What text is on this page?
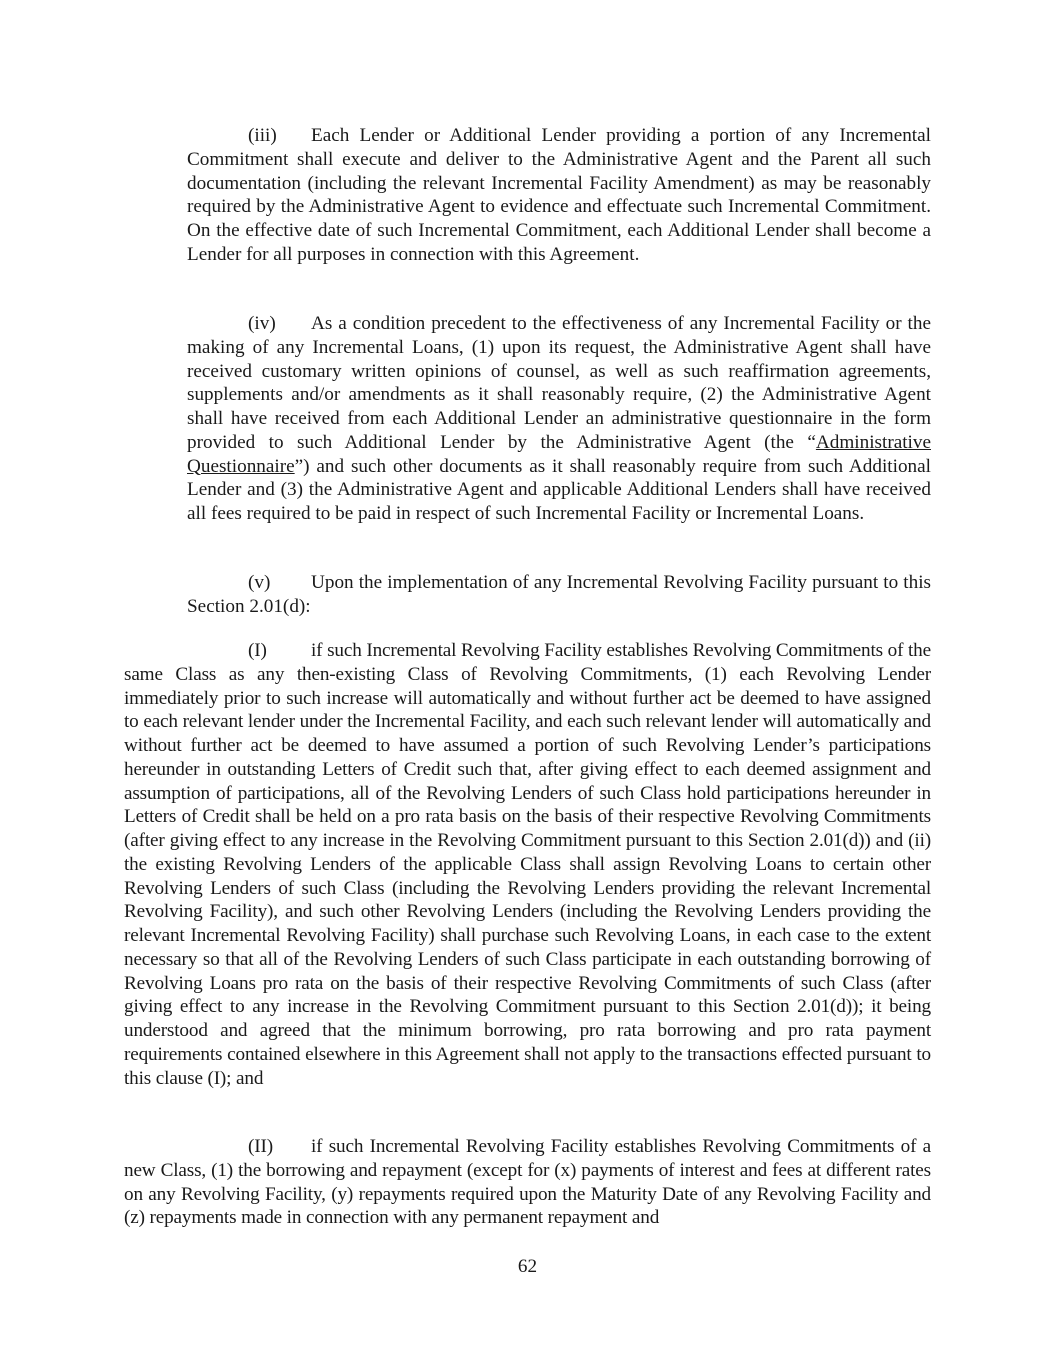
(iii) Each Lender or Additional Lender providing a portion of any Incremental Commitment shall execute and deliver to the Administrative Agent and the Parent all such documentation (including the relevant Incremental Facility Amendment) as may be reasonably required by the Administrative Agent to evidence and effectuate such Incremental Commitment. On the effective date of such Incremental Commitment, each Additional Lender shall become a Lender for all purposes in connection with this Agreement.

(iv) As a condition precedent to the effectiveness of any Incremental Facility or the making of any Incremental Loans, (1) upon its request, the Administrative Agent shall have received customary written opinions of counsel, as well as such reaffirmation agreements, supplements and/or amendments as it shall reasonably require, (2) the Administrative Agent shall have received from each Additional Lender an administrative questionnaire in the form provided to such Additional Lender by the Administrative Agent (the “Administrative Questionnaire”) and such other documents as it shall reasonably require from such Additional Lender and (3) the Administrative Agent and applicable Additional Lenders shall have received all fees required to be paid in respect of such Incremental Facility or Incremental Loans.

(v) Upon the implementation of any Incremental Revolving Facility pursuant to this Section 2.01(d):

(I) if such Incremental Revolving Facility establishes Revolving Commitments of the same Class as any then-existing Class of Revolving Commitments, (1) each Revolving Lender immediately prior to such increase will automatically and without further act be deemed to have assigned to each relevant lender under the Incremental Facility, and each such relevant lender will automatically and without further act be deemed to have assumed a portion of such Revolving Lender’s participations hereunder in outstanding Letters of Credit such that, after giving effect to each deemed assignment and assumption of participations, all of the Revolving Lenders of such Class hold participations hereunder in Letters of Credit shall be held on a pro rata basis on the basis of their respective Revolving Commitments (after giving effect to any increase in the Revolving Commitment pursuant to this Section 2.01(d)) and (ii) the existing Revolving Lenders of the applicable Class shall assign Revolving Loans to certain other Revolving Lenders of such Class (including the Revolving Lenders providing the relevant Incremental Revolving Facility), and such other Revolving Lenders (including the Revolving Lenders providing the relevant Incremental Revolving Facility) shall purchase such Revolving Loans, in each case to the extent necessary so that all of the Revolving Lenders of such Class participate in each outstanding borrowing of Revolving Loans pro rata on the basis of their respective Revolving Commitments of such Class (after giving effect to any increase in the Revolving Commitment pursuant to this Section 2.01(d)); it being understood and agreed that the minimum borrowing, pro rata borrowing and pro rata payment requirements contained elsewhere in this Agreement shall not apply to the transactions effected pursuant to this clause (I); and

(II) if such Incremental Revolving Facility establishes Revolving Commitments of a new Class, (1) the borrowing and repayment (except for (x) payments of interest and fees at different rates on any Revolving Facility, (y) repayments required upon the Maturity Date of any Revolving Facility and (z) repayments made in connection with any permanent repayment and

62
